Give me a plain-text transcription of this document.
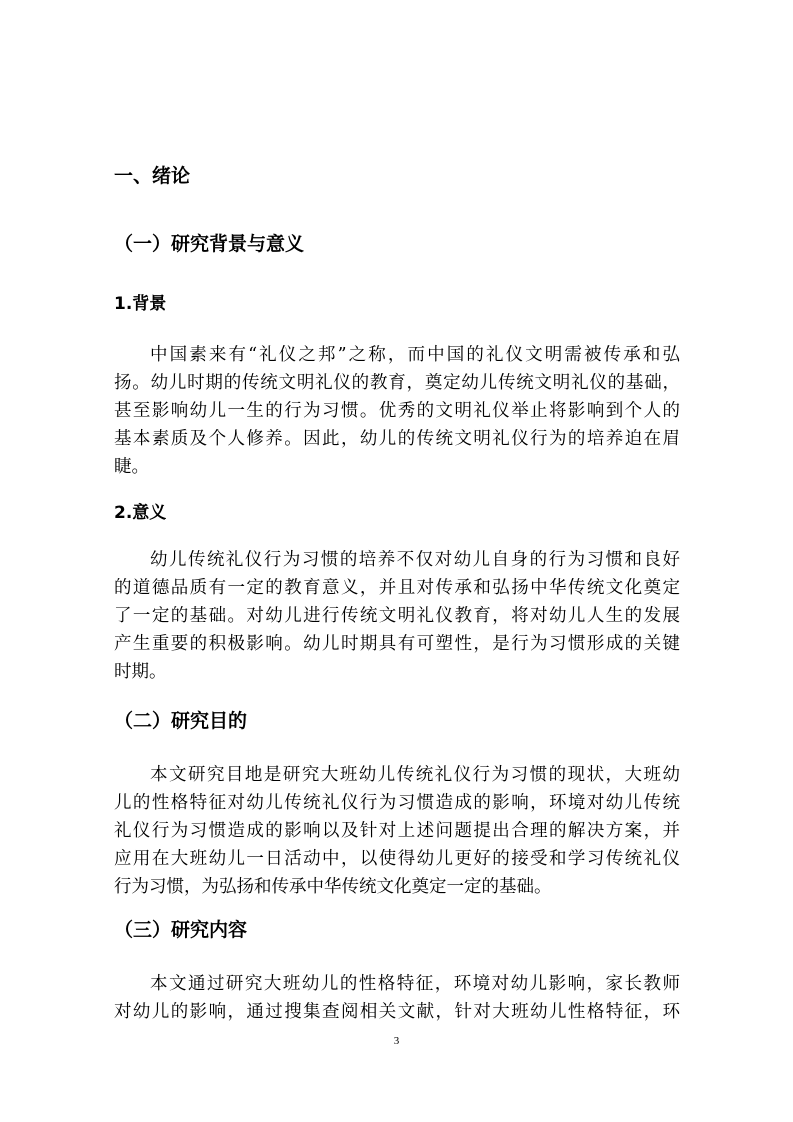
一、绪论
（一）研究背景与意义
1.背景
中国素来有“礼仪之邦”之称，而中国的礼仪文明需被传承和弘
扬。幼儿时期的传统文明礼仪的教育，奠定幼儿传统文明礼仪的基础，
甚至影响幼儿一生的行为习惯。优秀的文明礼仪举止将影响到个人的
基本素质及个人修养。因此，幼儿的传统文明礼仪行为的培养迫在眉
睫。
2.意义
幼儿传统礼仪行为习惯的培养不仅对幼儿自身的行为习惯和良好
的道德品质有一定的教育意义，并且对传承和弘扬中华传统文化奠定
了一定的基础。对幼儿进行传统文明礼仪教育，将对幼儿人生的发展
产生重要的积极影响。幼儿时期具有可塑性，是行为习惯形成的关键
时期。
（二）研究目的
本文研究目地是研究大班幼儿传统礼仪行为习惯的现状，大班幼
儿的性格特征对幼儿传统礼仪行为习惯造成的影响，环境对幼儿传统
礼仪行为习惯造成的影响以及针对上述问题提出合理的解决方案，并
应用在大班幼儿一日活动中，以使得幼儿更好的接受和学习传统礼仪
行为习惯，为弘扬和传承中华传统文化奠定一定的基础。
（三）研究内容
本文通过研究大班幼儿的性格特征，环境对幼儿影响，家长教师
对幼儿的影响，通过搜集查阅相关文献，针对大班幼儿性格特征，环
3
